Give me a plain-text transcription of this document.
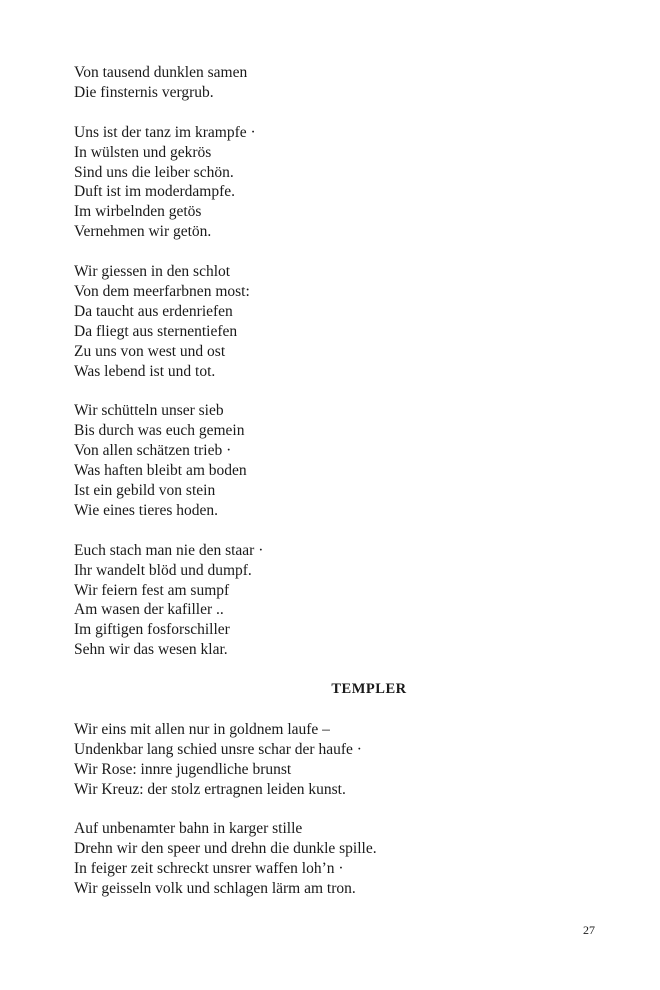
Von tausend dunklen samen
Die finsternis vergrub.
Uns ist der tanz im krampfe ·
In wülsten und gekrös
Sind uns die leiber schön.
Duft ist im moderdampfe.
Im wirbelnden getös
Vernehmen wir getön.
Wir giessen in den schlot
Von dem meerfarbnen most:
Da taucht aus erdenriefen
Da fliegt aus sternentiefen
Zu uns von west und ost
Was lebend ist und tot.
Wir schütteln unser sieb
Bis durch was euch gemein
Von allen schätzen trieb ·
Was haften bleibt am boden
Ist ein gebild von stein
Wie eines tieres hoden.
Euch stach man nie den staar ·
Ihr wandelt blöd und dumpf.
Wir feiern fest am sumpf
Am wasen der kafiller ..
Im giftigen fosforschiller
Sehn wir das wesen klar.
TEMPLER
Wir eins mit allen nur in goldnem laufe –
Undenkbar lang schied unsre schar der haufe ·
Wir Rose: innre jugendliche brunst
Wir Kreuz: der stolz ertragnen leiden kunst.
Auf unbenamter bahn in karger stille
Drehn wir den speer und drehn die dunkle spille.
In feiger zeit schreckt unsrer waffen loh’n ·
Wir geisseln volk und schlagen lärm am tron.
27
